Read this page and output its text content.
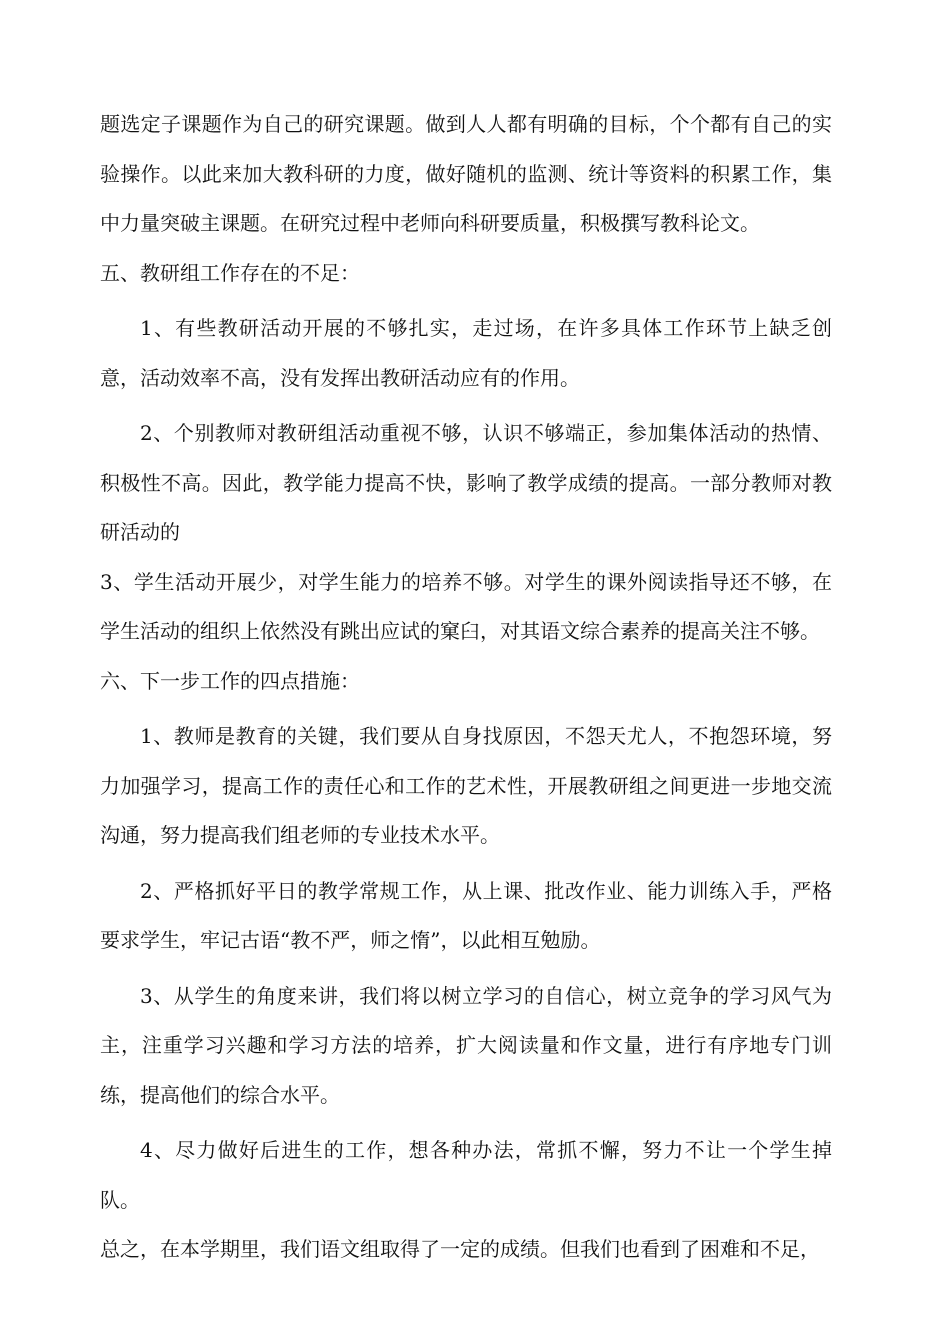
题选定子课题作为自己的研究课题。做到人人都有明确的目标，个个都有自己的实验操作。以此来加大教科研的力度，做好随机的监测、统计等资料的积累工作，集中力量突破主课题。在研究过程中老师向科研要质量，积极撰写教科论文。

五、教研组工作存在的不足：

1、有些教研活动开展的不够扎实，走过场，在许多具体工作环节上缺乏创意，活动效率不高，没有发挥出教研活动应有的作用。

2、个别教师对教研组活动重视不够，认识不够端正，参加集体活动的热情、积极性不高。因此，教学能力提高不快，影响了教学成绩的提高。一部分教师对教研活动的

3、学生活动开展少，对学生能力的培养不够。对学生的课外阅读指导还不够，在学生活动的组织上依然没有跳出应试的窠臼，对其语文综合素养的提高关注不够。

六、下一步工作的四点措施：

1、教师是教育的关键，我们要从自身找原因，不怨天尤人，不抱怨环境，努力加强学习，提高工作的责任心和工作的艺术性，开展教研组之间更进一步地交流沟通，努力提高我们组老师的专业技术水平。

2、严格抓好平日的教学常规工作，从上课、批改作业、能力训练入手，严格要求学生，牢记古语“教不严，师之惰”，以此相互勉励。

3、从学生的角度来讲，我们将以树立学习的自信心，树立竞争的学习风气为主，注重学习兴趣和学习方法的培养，扩大阅读量和作文量，进行有序地专门训练，提高他们的综合水平。

4、尽力做好后进生的工作，想各种办法，常抓不懈，努力不让一个学生掉队。

总之，在本学期里，我们语文组取得了一定的成绩。但我们也看到了困难和不足，
